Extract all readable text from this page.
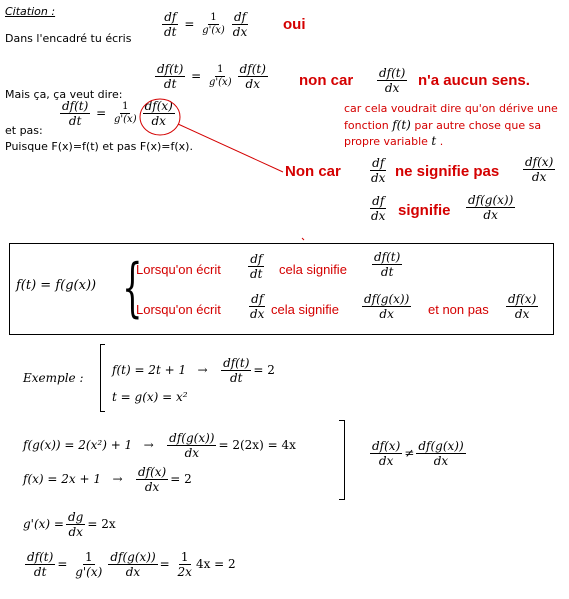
Citation :
Dans l'encadré tu écris	$\frac{df}{dt} = \frac{1}{g'(x)} \frac{df}{dx}$ oui
Mais ça, ça veut dire:
$\frac{df(t)}{dt} = \frac{1}{g'(x)} \frac{df(t)}{dx}$ non car $\frac{df(t)}{dx} n'a$ aucun sens.
car cela voudrait dire qu'on dérive une
fonction f(t) par autre chose que sa
propre variable t .
et pas:
$\frac{df(t)}{dt} = \frac{1}{g'(x)} \frac{df(x)}{dx}$
Puisque F(x)=f(t) et pas F(x)=f(x).
Non car $\frac{df}{dx}$ ne signifie pas $\frac{df(x)}{dx}$
$\frac{df}{dx}$ signifie $\frac{df(g(x))}{dx}$
f(t) = f(g(x)) {
Lorsqu'on écrit $\frac{df}{dt}$ cela signifie $\frac{df(t)}{dt}$
Lorsqu'on écrit $\frac{df}{dx}$ cela signifie $\frac{df(g(x))}{dx}$ et non pas $\frac{df(x)}{dx}$
Exemple :
$f(t) = 2t + 1 \to \frac{df(t)}{dt} = 2$
t = g(x) = x²
$f(g(x)) = 2(x^2) + 1 \to \frac{df(g(x))}{dx} = 2(2x) = 4x$
$f(x) = 2x + 1 \to \frac{df(x)}{dx} = 2$
$\frac{df(x)}{dx} \ne \frac{df(g(x))}{dx}$
$g'(x) = \frac{dg}{dx} = 2x$
$\frac{df(t)}{dt} = \frac{1}{g'(x)} \frac{df(g(x))}{dx} = \frac{1}{2x} 4x = 2$
